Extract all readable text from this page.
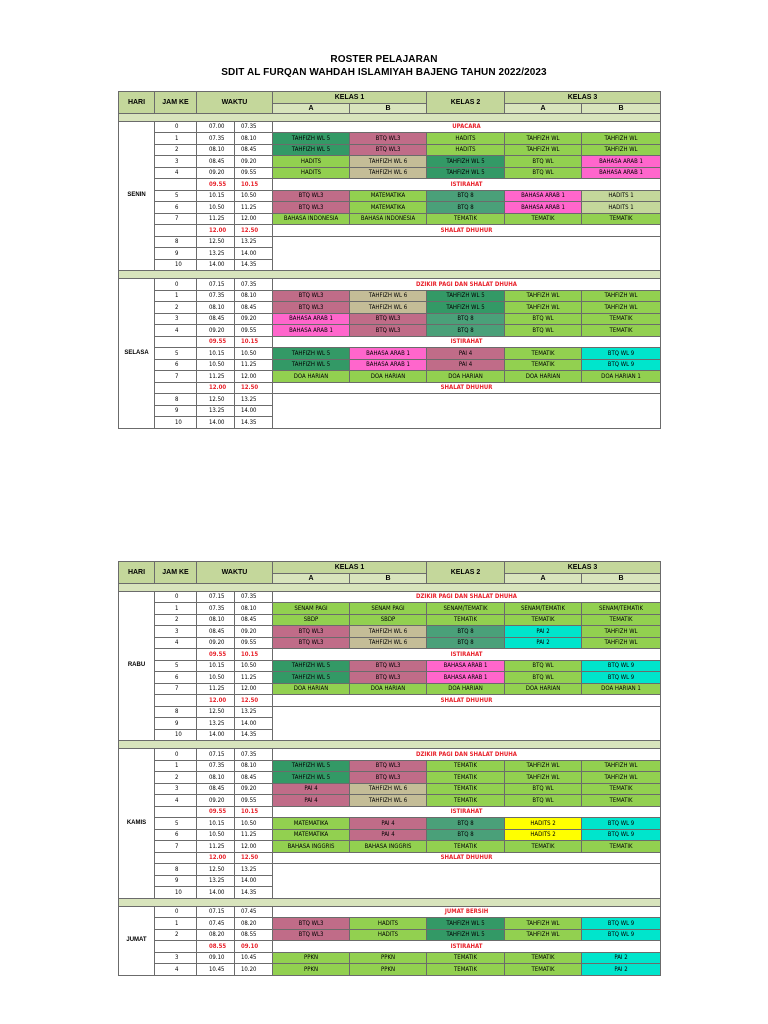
ROSTER PELAJARAN
SDIT AL FURQAN WAHDAH ISLAMIYAH BAJENG TAHUN 2022/2023
HARI	JAM KE	WAKTU		KELAS 1		KELAS 2	KELAS 3	
				A	B		A	B

SENIN	0	07.00	07.35	UPACARA				
	1	07.35	08.10	TAHFIZH WL 5	BTQ WL3	HADITS	TAHFIZH WL	TAHFIZH WL
	2	08.10	08.45	TAHFIZH WL 5	BTQ WL3	HADITS	TAHFIZH WL	TAHFIZH WL
	3	08.45	09.20	HADITS	TAHFIZH WL 6	TAHFIZH WL 5	BTQ WL	BAHASA ARAB 1
	4	09.20	09.55	HADITS	TAHFIZH WL 6	TAHFIZH WL 5	BTQ WL	BAHASA ARAB 1
		09.55	10.15	ISTIRAHAT				
	5	10.15	10.50	BTQ WL3	MATEMATIKA	BTQ 8	BAHASA ARAB 1	HADITS 1
	6	10.50	11.25	BTQ WL3	MATEMATIKA	BTQ 8	BAHASA ARAB 1	HADITS 1
	7	11.25	12.00	BAHASA INDONESIA	BAHASA INDONESIA	TEMATIK	TEMATIK	TEMATIK
		12.00	12.50	SHALAT DHUHUR				
	8	12.50	13.25					
	9	13.25	14.00					
	10	14.00	14.35					

SELASA	0	07.15	07.35	DZIKIR PAGI DAN SHALAT DHUHA				
	1	07.35	08.10	BTQ WL3	TAHFIZH WL 6	TAHFIZH WL 5	TAHFIZH WL	TAHFIZH WL
	2	08.10	08.45	BTQ WL3	TAHFIZH WL 6	TAHFIZH WL 5	TAHFIZH WL	TAHFIZH WL
	3	08.45	09.20	BAHASA ARAB 1	BTQ WL3	BTQ 8	BTQ WL	TEMATIK
	4	09.20	09.55	BAHASA ARAB 1	BTQ WL3	BTQ 8	BTQ WL	TEMATIK
		09.55	10.15	ISTIRAHAT				
	5	10.15	10.50	TAHFIZH WL 5	BAHASA ARAB 1	PAI 4	TEMATIK	BTQ WL 9
	6	10.50	11.25	TAHFIZH WL 5	BAHASA ARAB 1	PAI 4	TEMATIK	BTQ WL 9
	7	11.25	12.00	DOA HARIAN	DOA HARIAN	DOA HARIAN	DOA HARIAN	DOA HARIAN 1
		12.00	12.50	SHALAT DHUHUR				
	8	12.50	13.25					
	9	13.25	14.00					
	10	14.00	14.35					
HARI	JAM KE	WAKTU		KELAS 1		KELAS 2	KELAS 3	
				A	B		A	B

RABU	0	07.15	07.35	DZIKIR PAGI DAN SHALAT DHUHA				
	1	07.35	08.10	SENAM PAGI	SENAM PAGI	SENAM/TEMATIK	SENAM/TEMATIK	SENAM/TEMATIK
	2	08.10	08.45	SBDP	SBDP	TEMATIK	TEMATIK	TEMATIK
	3	08.45	09.20	BTQ WL3	TAHFIZH WL 6	BTQ 8	PAI 2	TAHFIZH WL
	4	09.20	09.55	BTQ WL3	TAHFIZH WL 6	BTQ 8	PAI 2	TAHFIZH WL
		09.55	10.15	ISTIRAHAT				
	5	10.15	10.50	TAHFIZH WL 5	BTQ WL3	BAHASA ARAB 1	BTQ WL	BTQ WL 9
	6	10.50	11.25	TAHFIZH WL 5	BTQ WL3	BAHASA ARAB 1	BTQ WL	BTQ WL 9
	7	11.25	12.00	DOA HARIAN	DOA HARIAN	DOA HARIAN	DOA HARIAN	DOA HARIAN 1
		12.00	12.50	SHALAT DHUHUR				
	8	12.50	13.25					
	9	13.25	14.00					
	10	14.00	14.35					

KAMIS	0	07.15	07.35	DZIKIR PAGI DAN SHALAT DHUHA				
	1	07.35	08.10	TAHFIZH WL 5	BTQ WL3	TEMATIK	TAHFIZH WL	TAHFIZH WL
	2	08.10	08.45	TAHFIZH WL 5	BTQ WL3	TEMATIK	TAHFIZH WL	TAHFIZH WL
	3	08.45	09.20	PAI 4	TAHFIZH WL 6	TEMATIK	BTQ WL	TEMATIK
	4	09.20	09.55	PAI 4	TAHFIZH WL 6	TEMATIK	BTQ WL	TEMATIK
		09.55	10.15	ISTIRAHAT				
	5	10.15	10.50	MATEMATIKA	PAI 4	BTQ 8	HADITS 2	BTQ WL 9
	6	10.50	11.25	MATEMATIKA	PAI 4	BTQ 8	HADITS 2	BTQ WL 9
	7	11.25	12.00	BAHASA INGGRIS	BAHASA INGGRIS	TEMATIK	TEMATIK	TEMATIK
		12.00	12.50	SHALAT DHUHUR				
	8	12.50	13.25					
	9	13.25	14.00					
	10	14.00	14.35					

JUMAT	0	07.15	07.45	JUMAT BERSIH				
	1	07.45	08.20	BTQ WL3	HADITS	TAHFIZH WL 5	TAHFIZH WL	BTQ WL 9
	2	08.20	08.55	BTQ WL3	HADITS	TAHFIZH WL 5	TAHFIZH WL	BTQ WL 9
		08.55	09.10	ISTIRAHAT				
	3	09.10	10.45	PPKN	PPKN	TEMATIK	TEMATIK	PAI 2
	4	10.45	10.20	PPKN	PPKN	TEMATIK	TEMATIK	PAI 2
